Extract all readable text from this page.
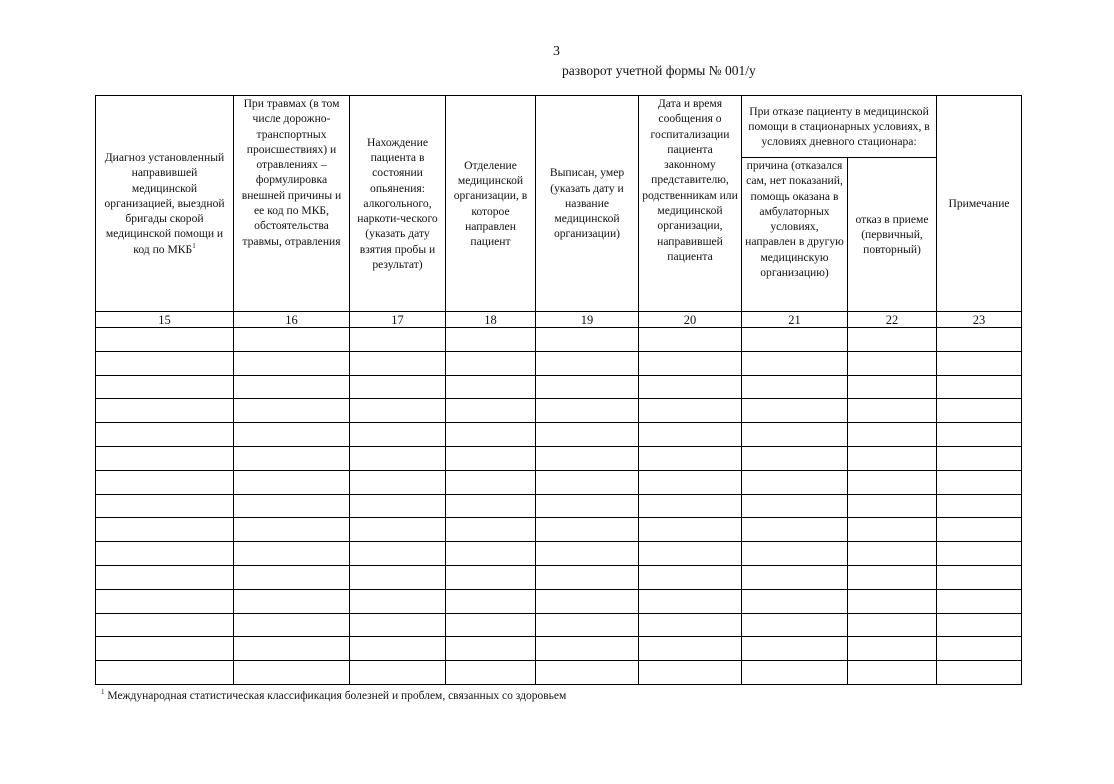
3
разворот учетной формы № 001/у
Диагноз установленный направившей медицинской организацией, выездной бригады скорой медицинской помощи и код по МКБ$^1$	При травмах (в том числе дорожно-транспортных происшествиях) и отравлениях – формулировка внешней причины и ее код по МКБ, обстоятельства травмы, отравления	Нахождение пациента в состоянии опьянения: алкогольного, наркоти-ческого (указать дату взятия пробы и результат)	Отделение медицинской организации, в которое направлен пациент	Выписан, умер (указать дату и название медицинской организации)	Дата и время сообщения о госпитализации пациента законному представителю, родственникам или медицинской организации, направившей пациента	При отказе пациенту в медицинской помощи в стационарных условиях, в условиях дневного стационара:		Примечание
						причина (отказался сам, нет показаний, помощь оказана в амбулаторных условиях, направлен в другую медицинскую организацию)	отказ в приеме (первичный, повторный)	
15	16	17	18	19	20	21	22	23

$^1$ Международная статистическая классификация болезней и проблем, связанных со здоровьем
